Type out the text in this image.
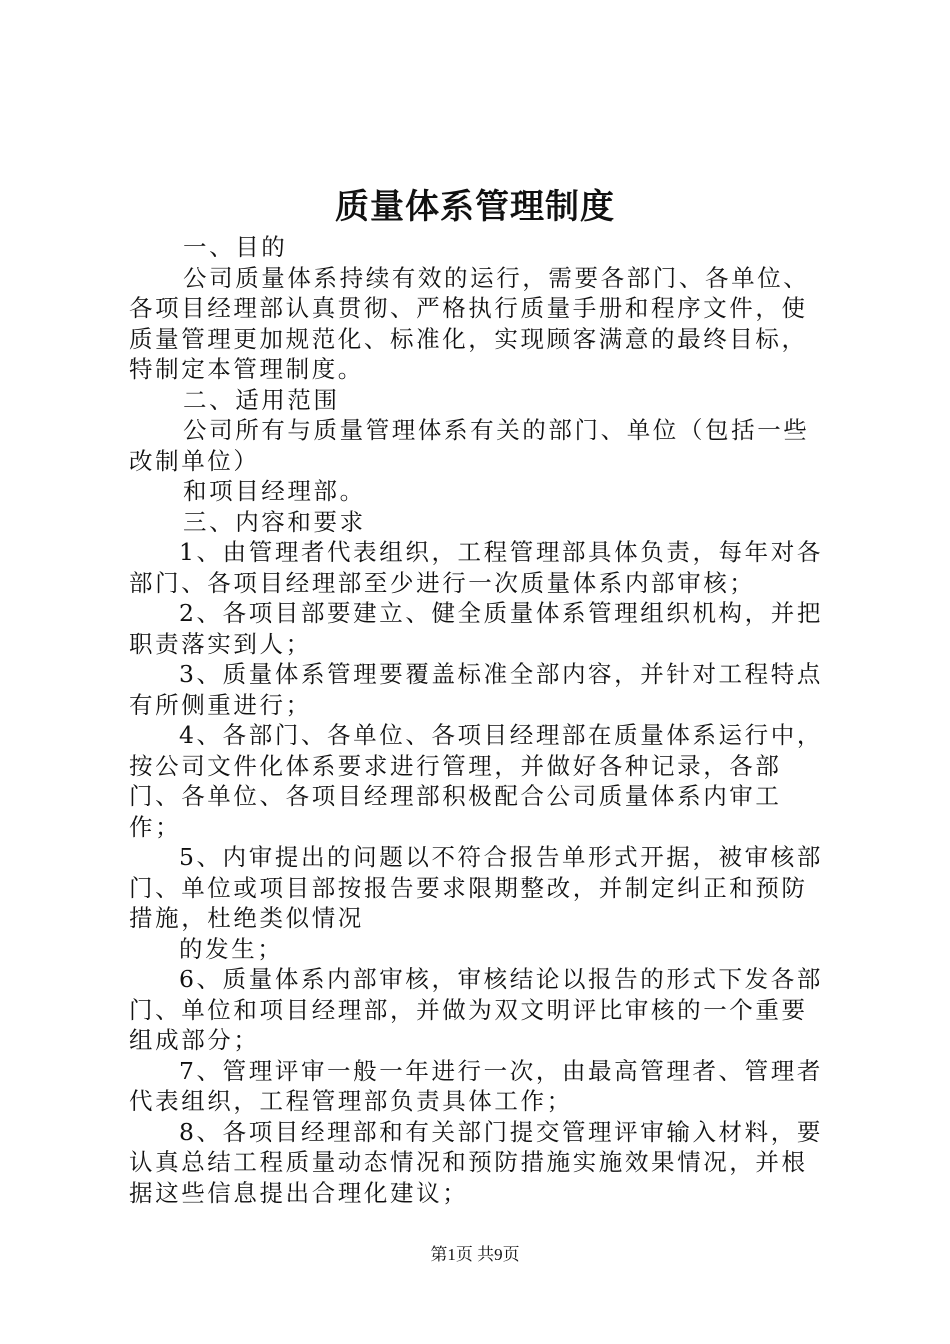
质量体系管理制度

一、目的

公司质量体系持续有效的运行，需要各部门、各单位、各项目经理部认真贯彻、严格执行质量手册和程序文件，使质量管理更加规范化、标准化，实现顾客满意的最终目标，特制定本管理制度。

二、适用范围

公司所有与质量管理体系有关的部门、单位（包括一些改制单位）

和项目经理部。

三、内容和要求

1、由管理者代表组织，工程管理部具体负责，每年对各部门、各项目经理部至少进行一次质量体系内部审核；

2、各项目部要建立、健全质量体系管理组织机构，并把职责落实到人；

3、质量体系管理要覆盖标准全部内容，并针对工程特点有所侧重进行；

4、各部门、各单位、各项目经理部在质量体系运行中，按公司文件化体系要求进行管理，并做好各种记录，各部门、各单位、各项目经理部积极配合公司质量体系内审工作；

5、内审提出的问题以不符合报告单形式开据，被审核部门、单位或项目部按报告要求限期整改，并制定纠正和预防措施，杜绝类似情况

的发生；

6、质量体系内部审核，审核结论以报告的形式下发各部门、单位和项目经理部，并做为双文明评比审核的一个重要组成部分；

7、管理评审一般一年进行一次，由最高管理者、管理者代表组织，工程管理部负责具体工作；

8、各项目经理部和有关部门提交管理评审输入材料，要认真总结工程质量动态情况和预防措施实施效果情况，并根据这些信息提出合理化建议；

第1页 共9页
